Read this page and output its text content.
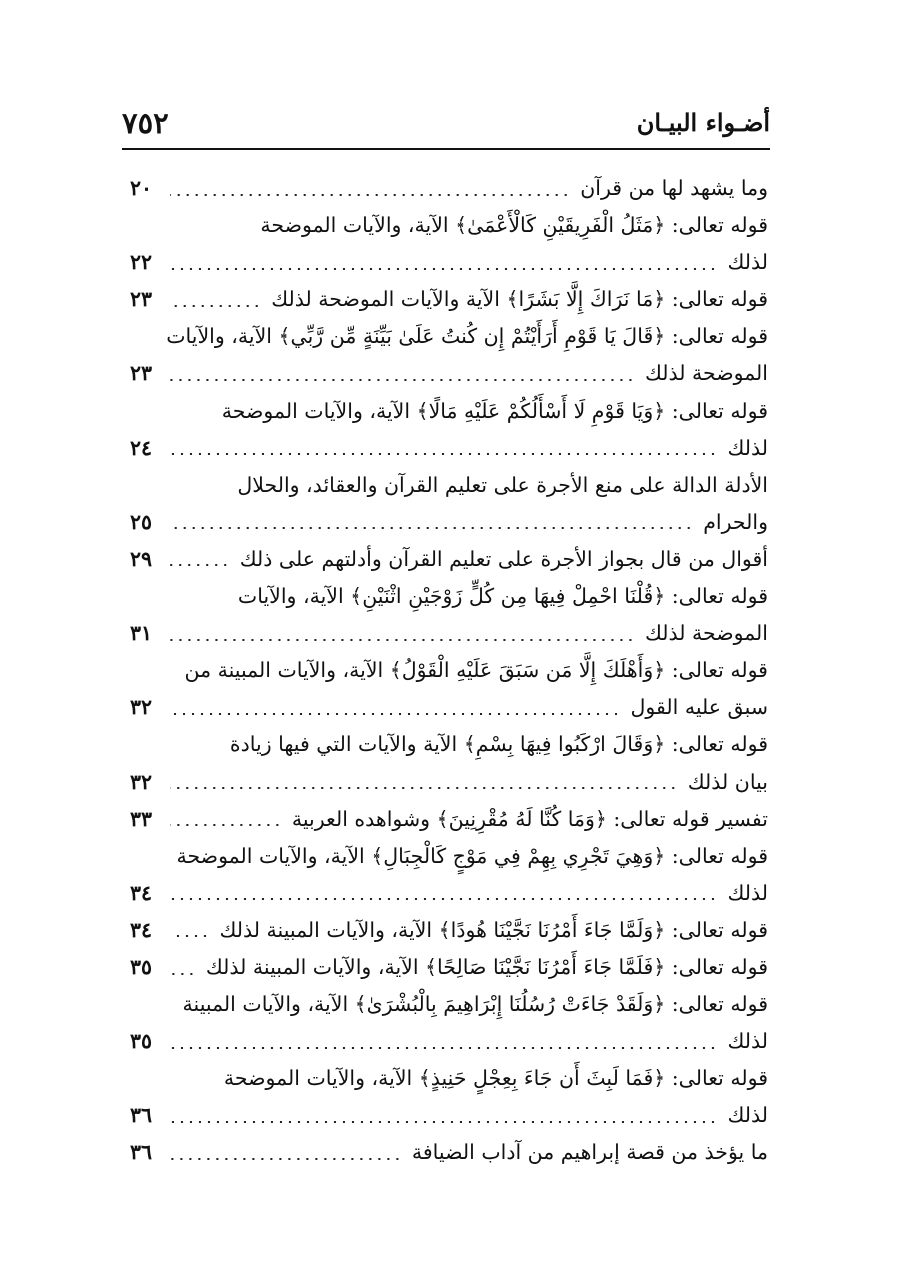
٧٥٢	أضـواء البيـان
وما يشهد لها من قرآن
٢٠
قوله تعالى: ﴿مَثَلُ الْفَرِيقَيْنِ كَالْأَعْمَىٰ﴾ الآية، والآيات الموضحة
لذلك
٢٢
قوله تعالى: ﴿مَا نَرَاكَ إِلَّا بَشَرًا﴾ الآية والآيات الموضحة لذلك
٢٣
قوله تعالى: ﴿قَالَ يَا قَوْمِ أَرَأَيْتُمْ إِن كُنتُ عَلَىٰ بَيِّنَةٍ مِّن رَّبِّي﴾ الآية، والآيات
الموضحة لذلك
٢٣
قوله تعالى: ﴿وَيَا قَوْمِ لَا أَسْأَلُكُمْ عَلَيْهِ مَالًا﴾ الآية، والآيات الموضحة
لذلك
٢٤
الأدلة الدالة على منع الأجرة على تعليم القرآن والعقائد، والحلال
والحرام
٢٥
أقوال من قال بجواز الأجرة على تعليم القرآن وأدلتهم على ذلك
٢٩
قوله تعالى: ﴿قُلْنَا احْمِلْ فِيهَا مِن كُلٍّ زَوْجَيْنِ اثْنَيْنِ﴾ الآية، والآيات
الموضحة لذلك
٣١
قوله تعالى: ﴿وَأَهْلَكَ إِلَّا مَن سَبَقَ عَلَيْهِ الْقَوْلُ﴾ الآية، والآيات المبينة من
سبق عليه القول
٣٢
قوله تعالى: ﴿وَقَالَ ارْكَبُوا فِيهَا بِسْمِ﴾ الآية والآيات التي فيها زيادة
بيان لذلك
٣٢
تفسير قوله تعالى: ﴿وَمَا كُنَّا لَهُ مُقْرِنِينَ﴾ وشواهده العربية
٣٣
قوله تعالى: ﴿وَهِيَ تَجْرِي بِهِمْ فِي مَوْجٍ كَالْجِبَالِ﴾ الآية، والآيات الموضحة
لذلك
٣٤
قوله تعالى: ﴿وَلَمَّا جَاءَ أَمْرُنَا نَجَّيْنَا هُودًا﴾ الآية، والآيات المبينة لذلك
٣٤
قوله تعالى: ﴿فَلَمَّا جَاءَ أَمْرُنَا نَجَّيْنَا صَالِحًا﴾ الآية، والآيات المبينة لذلك
٣٥
قوله تعالى: ﴿وَلَقَدْ جَاءَتْ رُسُلُنَا إِبْرَاهِيمَ بِالْبُشْرَىٰ﴾ الآية، والآيات المبينة
لذلك
٣٥
قوله تعالى: ﴿فَمَا لَبِثَ أَن جَاءَ بِعِجْلٍ حَنِيذٍ﴾ الآية، والآيات الموضحة
لذلك
٣٦
ما يؤخذ من قصة إبراهيم من آداب الضيافة
٣٦
